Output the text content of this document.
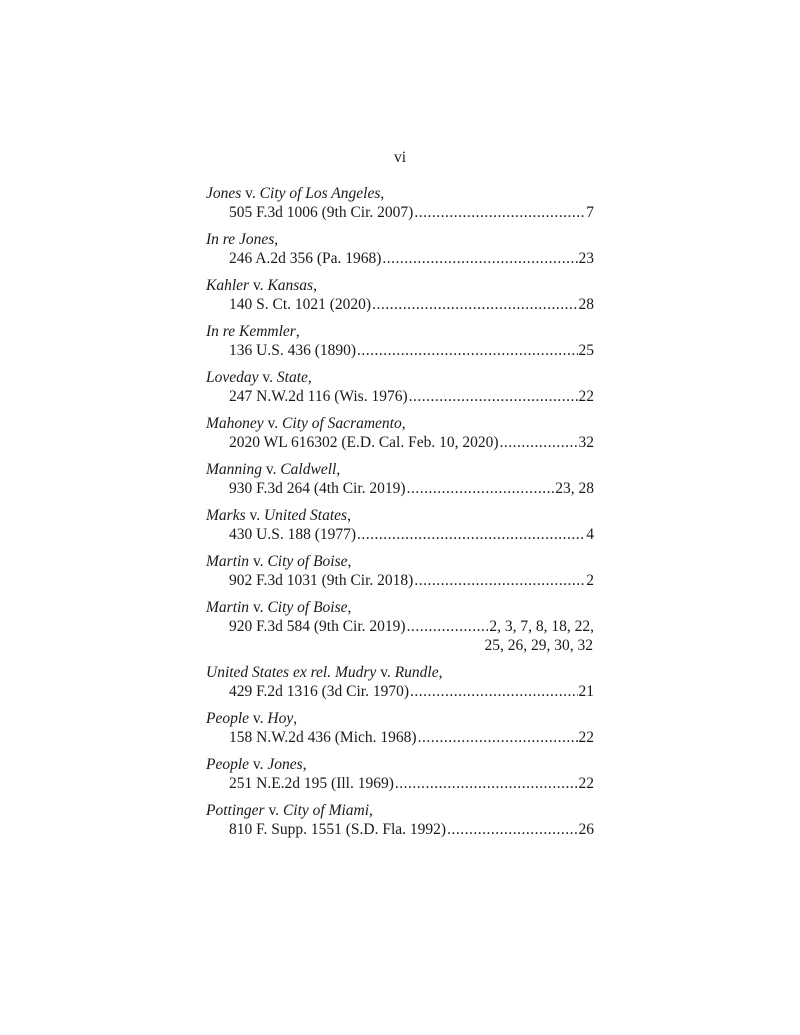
vi
Jones v. City of Los Angeles,
505 F.3d 1006 (9th Cir. 2007) .....	7
In re Jones,
246 A.2d 356 (Pa. 1968) .....	23
Kahler v. Kansas,
140 S. Ct. 1021 (2020) .....	28
In re Kemmler,
136 U.S. 436 (1890) .....	25
Loveday v. State,
247 N.W.2d 116 (Wis. 1976) .....	22
Mahoney v. City of Sacramento,
2020 WL 616302 (E.D. Cal. Feb. 10, 2020) .....	32
Manning v. Caldwell,
930 F.3d 264 (4th Cir. 2019) .....	23, 28
Marks v. United States,
430 U.S. 188 (1977) .....	4
Martin v. City of Boise,
902 F.3d 1031 (9th Cir. 2018) .....	2
Martin v. City of Boise,
920 F.3d 584 (9th Cir. 2019) .....	2, 3, 7, 8, 18, 22,
25, 26, 29, 30, 32
United States ex rel. Mudry v. Rundle,
429 F.2d 1316 (3d Cir. 1970) .....	21
People v. Hoy,
158 N.W.2d 436 (Mich. 1968) .....	22
People v. Jones,
251 N.E.2d 195 (Ill. 1969) .....	22
Pottinger v. City of Miami,
810 F. Supp. 1551 (S.D. Fla. 1992) .....	26
